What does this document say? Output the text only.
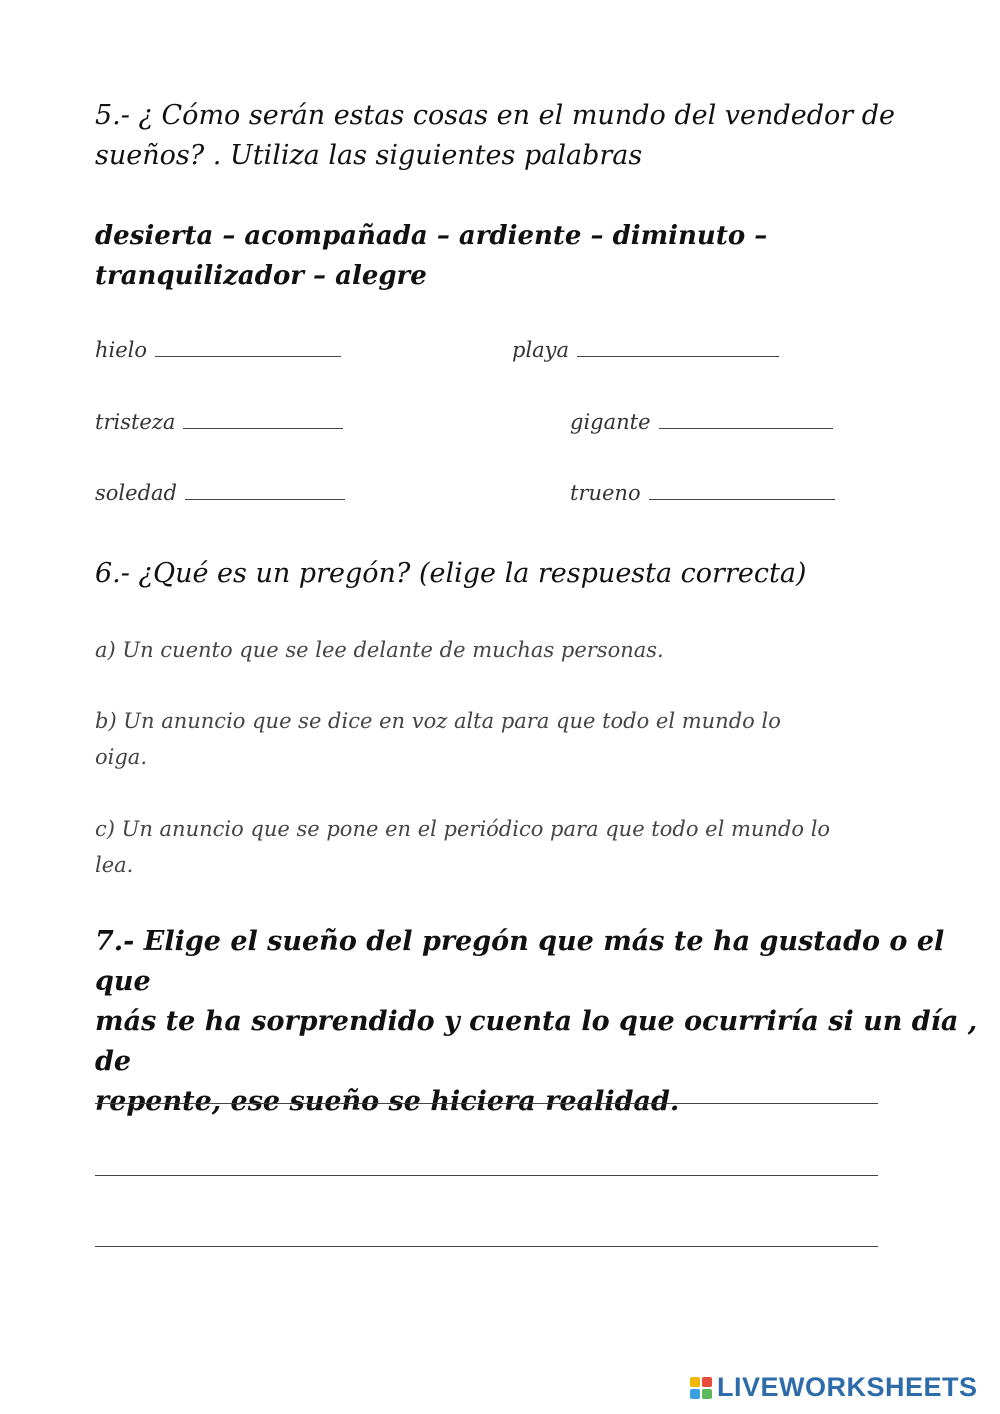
5.- ¿ Cómo serán estas cosas en el mundo del vendedor de
sueños? . Utiliza las siguientes palabras
desierta – acompañada – ardiente – diminuto –
tranquilizador – alegre
hielo	playa
tristeza	gigante
soledad	trueno
6.- ¿Qué es un pregón? (elige la respuesta correcta)
a) Un cuento que se lee delante de muchas personas.
b) Un anuncio que se dice en voz alta para que todo el mundo lo
oiga.
c) Un anuncio que se pone en el periódico para que todo el mundo lo
lea.
7.- Elige el sueño del pregón que más te ha gustado o el que
más te ha sorprendido y cuenta lo que ocurriría si un día , de
repente, ese sueño se hiciera realidad.
LIVEWORKSHEETS
